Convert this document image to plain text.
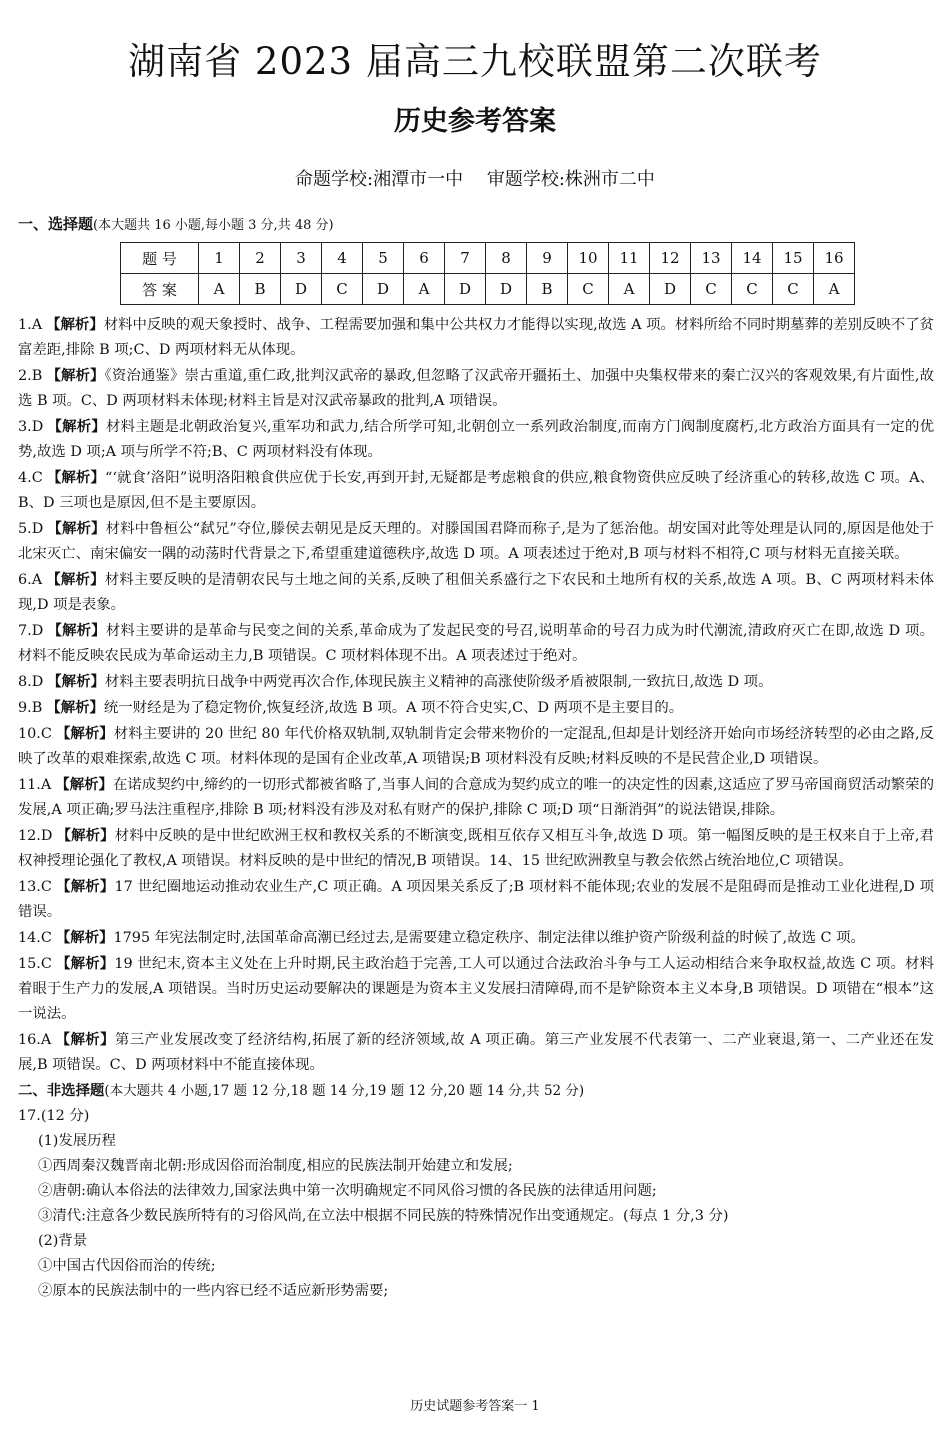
湖南省 2023 届高三九校联盟第二次联考
历史参考答案
命题学校:湘潭市一中 审题学校:株洲市二中
一、选择题(本大题共 16 小题,每小题 3 分,共 48 分)
题 号	1	2	3	4	5	6	7	8	9	10	11	12	13	14	15	16
答 案	A	B	D	C	D	A	D	D	B	C	A	D	C	C	C	A

1.A 【解析】材料中反映的观天象授时、战争、工程需要加强和集中公共权力才能得以实现,故选 A 项。材料所给不同时期墓葬的差别反映不了贫富差距,排除 B 项;C、D 两项材料无从体现。

2.B 【解析】《资治通鉴》崇古重道,重仁政,批判汉武帝的暴政,但忽略了汉武帝开疆拓土、加强中央集权带来的秦亡汉兴的客观效果,有片面性,故选 B 项。C、D 两项材料未体现;材料主旨是对汉武帝暴政的批判,A 项错误。

3.D 【解析】材料主题是北朝政治复兴,重军功和武力,结合所学可知,北朝创立一系列政治制度,而南方门阀制度腐朽,北方政治方面具有一定的优势,故选 D 项;A 项与所学不符;B、C 两项材料没有体现。

4.C 【解析】“‘就食’洛阳”说明洛阳粮食供应优于长安,再到开封,无疑都是考虑粮食的供应,粮食物资供应反映了经济重心的转移,故选 C 项。A、B、D 三项也是原因,但不是主要原因。

5.D 【解析】材料中鲁桓公“弑兄”夺位,滕侯去朝见是反天理的。对滕国国君降而称子,是为了惩治他。胡安国对此等处理是认同的,原因是他处于北宋灭亡、南宋偏安一隅的动荡时代背景之下,希望重建道德秩序,故选 D 项。A 项表述过于绝对,B 项与材料不相符,C 项与材料无直接关联。

6.A 【解析】材料主要反映的是清朝农民与土地之间的关系,反映了租佃关系盛行之下农民和土地所有权的关系,故选 A 项。B、C 两项材料未体现,D 项是表象。

7.D 【解析】材料主要讲的是革命与民变之间的关系,革命成为了发起民变的号召,说明革命的号召力成为时代潮流,清政府灭亡在即,故选 D 项。材料不能反映农民成为革命运动主力,B 项错误。C 项材料体现不出。A 项表述过于绝对。

8.D 【解析】材料主要表明抗日战争中两党再次合作,体现民族主义精神的高涨使阶级矛盾被限制,一致抗日,故选 D 项。

9.B 【解析】统一财经是为了稳定物价,恢复经济,故选 B 项。A 项不符合史实,C、D 两项不是主要目的。

10.C 【解析】材料主要讲的 20 世纪 80 年代价格双轨制,双轨制肯定会带来物价的一定混乱,但却是计划经济开始向市场经济转型的必由之路,反映了改革的艰难探索,故选 C 项。材料体现的是国有企业改革,A 项错误;B 项材料没有反映;材料反映的不是民营企业,D 项错误。

11.A 【解析】在诺成契约中,缔约的一切形式都被省略了,当事人间的合意成为契约成立的唯一的决定性的因素,这适应了罗马帝国商贸活动繁荣的发展,A 项正确;罗马法注重程序,排除 B 项;材料没有涉及对私有财产的保护,排除 C 项;D 项“日渐消弭”的说法错误,排除。

12.D 【解析】材料中反映的是中世纪欧洲王权和教权关系的不断演变,既相互依存又相互斗争,故选 D 项。第一幅图反映的是王权来自于上帝,君权神授理论强化了教权,A 项错误。材料反映的是中世纪的情况,B 项错误。14、15 世纪欧洲教皇与教会依然占统治地位,C 项错误。

13.C 【解析】17 世纪圈地运动推动农业生产,C 项正确。A 项因果关系反了;B 项材料不能体现;农业的发展不是阻碍而是推动工业化进程,D 项错误。

14.C 【解析】1795 年宪法制定时,法国革命高潮已经过去,是需要建立稳定秩序、制定法律以维护资产阶级利益的时候了,故选 C 项。

15.C 【解析】19 世纪末,资本主义处在上升时期,民主政治趋于完善,工人可以通过合法政治斗争与工人运动相结合来争取权益,故选 C 项。材料着眼于生产力的发展,A 项错误。当时历史运动要解决的课题是为资本主义发展扫清障碍,而不是铲除资本主义本身,B 项错误。D 项错在“根本”这一说法。

16.A 【解析】第三产业发展改变了经济结构,拓展了新的经济领域,故 A 项正确。第三产业发展不代表第一、二产业衰退,第一、二产业还在发展,B 项错误。C、D 两项材料中不能直接体现。

二、非选择题(本大题共 4 小题,17 题 12 分,18 题 14 分,19 题 12 分,20 题 14 分,共 52 分)

17.(12 分)

(1)发展历程

①西周秦汉魏晋南北朝:形成因俗而治制度,相应的民族法制开始建立和发展;

②唐朝:确认本俗法的法律效力,国家法典中第一次明确规定不同风俗习惯的各民族的法律适用问题;

③清代:注意各少数民族所特有的习俗风尚,在立法中根据不同民族的特殊情况作出变通规定。(每点 1 分,3 分)

(2)背景

①中国古代因俗而治的传统;

②原本的民族法制中的一些内容已经不适应新形势需要;

历史试题参考答案一 1
